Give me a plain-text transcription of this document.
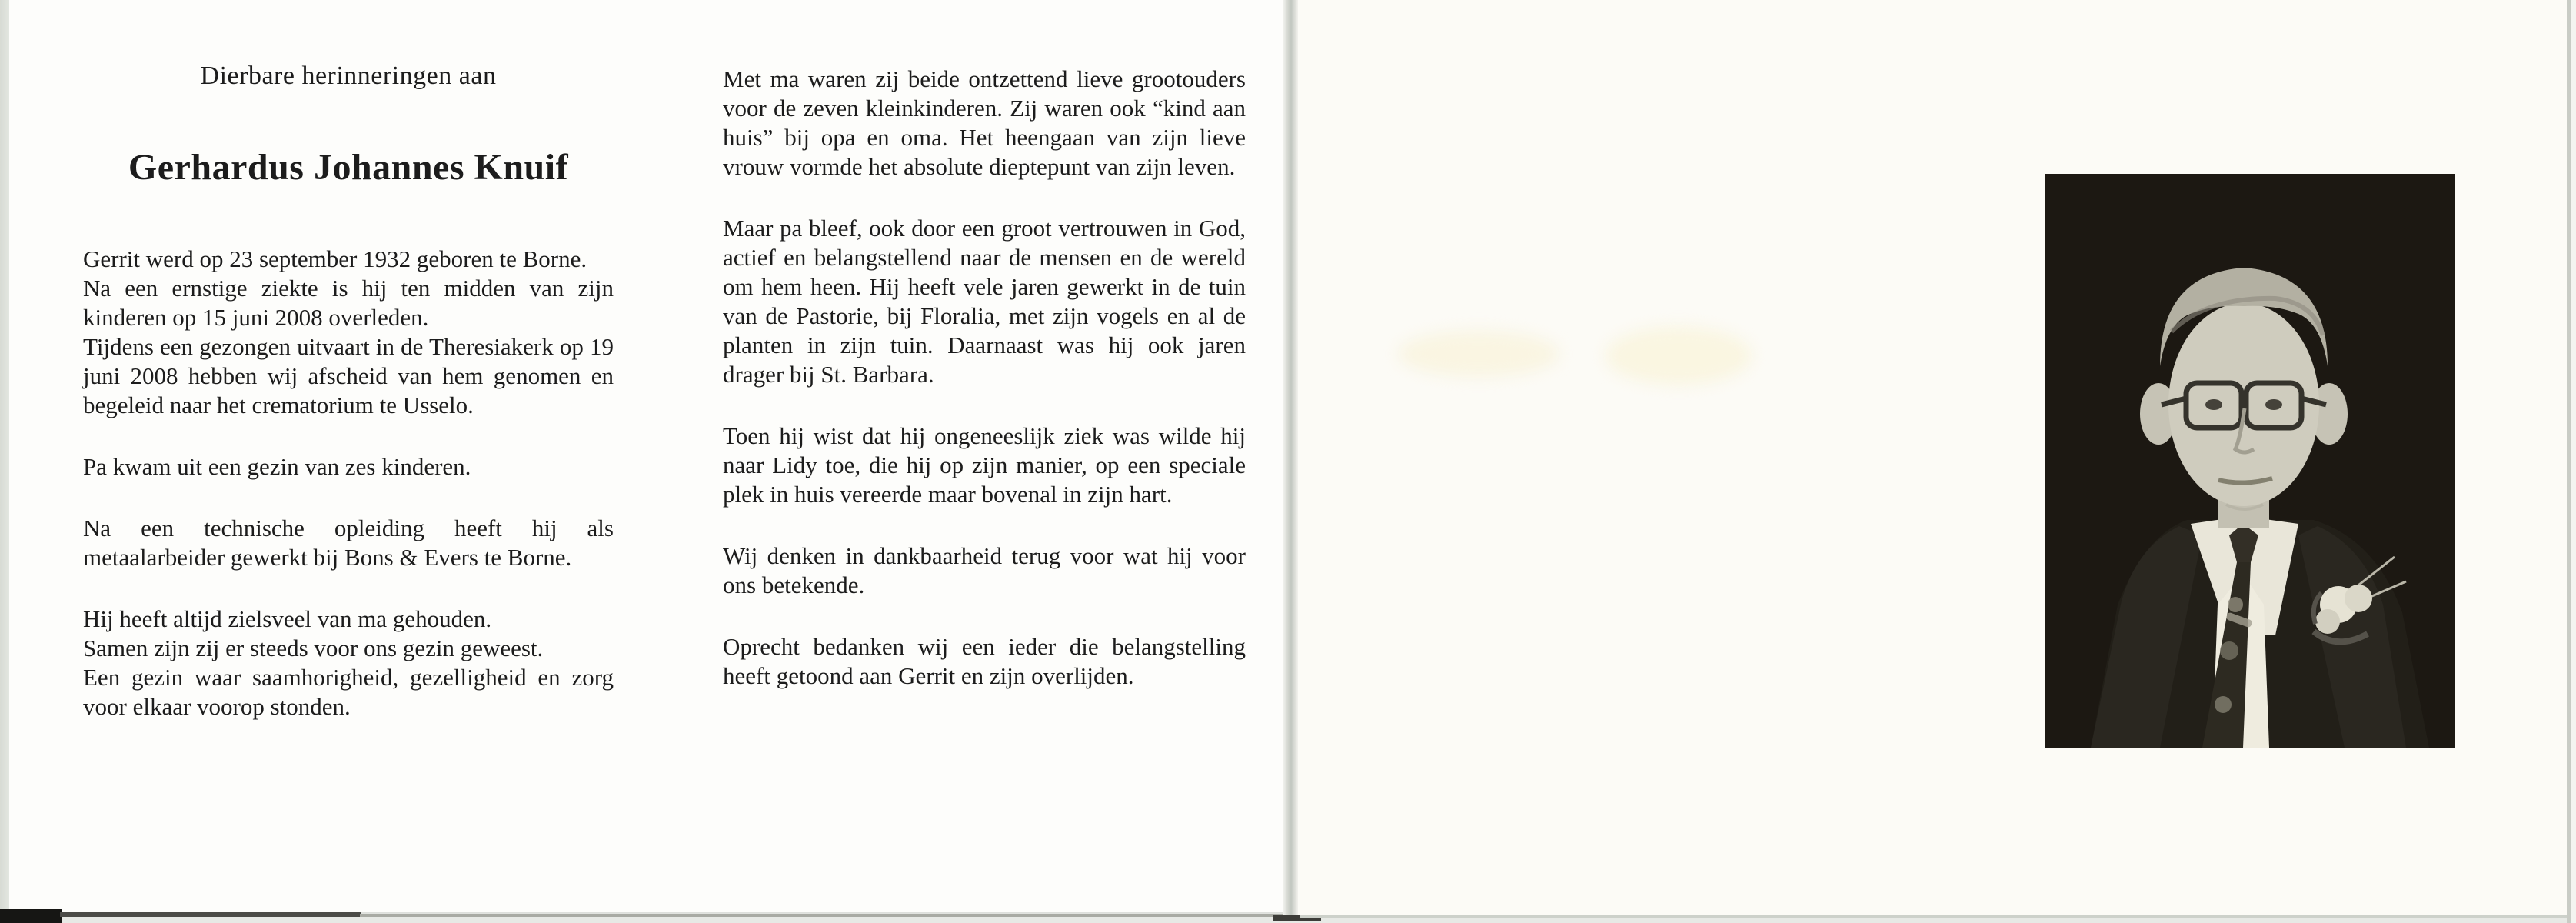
Dierbare herinneringen aan
Gerhardus Johannes Knuif

Gerrit werd op 23 september 1932 geboren te Borne.

Na een ernstige ziekte is hij ten midden van zijn kinderen op 15 juni 2008 overleden.

Tijdens een gezongen uitvaart in de Theresiakerk op 19 juni 2008 hebben wij afscheid van hem genomen en begeleid naar het crematorium te Usselo.

Pa kwam uit een gezin van zes kinderen.

Na een technische opleiding heeft hij als metaalarbeider gewerkt bij Bons & Evers te Borne.

Hij heeft altijd zielsveel van ma gehouden.

Samen zijn zij er steeds voor ons gezin geweest.

Een gezin waar saamhorigheid, gezelligheid en zorg voor elkaar voorop stonden.

Met ma waren zij beide ontzettend lieve grootouders voor de zeven kleinkinderen. Zij waren ook “kind aan huis” bij opa en oma. Het heengaan van zijn lieve vrouw vormde het absolute dieptepunt van zijn leven.

Maar pa bleef, ook door een groot vertrouwen in God, actief en belangstellend naar de mensen en de wereld om hem heen. Hij heeft vele jaren gewerkt in de tuin van de Pastorie, bij Floralia, met zijn vogels en al de planten in zijn tuin. Daarnaast was hij ook jaren drager bij St. Barbara.

Toen hij wist dat hij ongeneeslijk ziek was wilde hij naar Lidy toe, die hij op zijn manier, op een speciale plek in huis vereerde maar bovenal in zijn hart.

Wij denken in dankbaarheid terug voor wat hij voor ons betekende.

Oprecht bedanken wij een ieder die belangstelling heeft getoond aan Gerrit en zijn overlijden.
